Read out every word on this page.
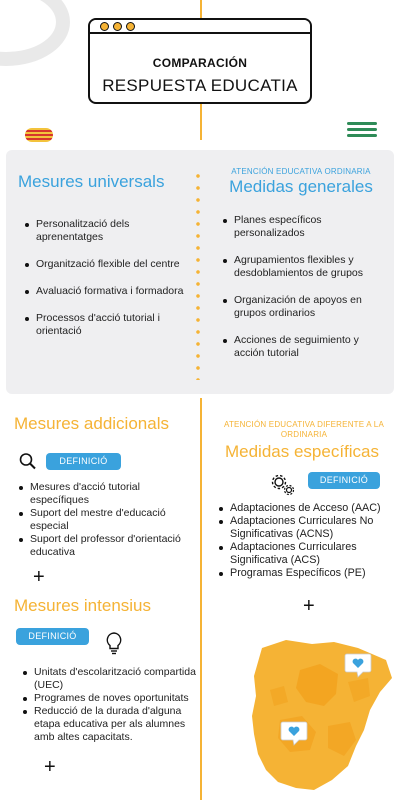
COMPARACIÓN
RESPUESTA EDUCATIA
Mesures universals
Personalització dels aprenentatges
Organització flexible del centre
Avaluació formativa i formadora
Processos d'acció tutorial i orientació
ATENCIÓN EDUCATIVA ORDINARIA
Medidas generales
Planes específicos personalizados
Agrupamientos flexibles y desdoblamientos de grupos
Organización de apoyos en grupos ordinarios
Acciones de seguimiento y acción tutorial
Mesures addicionals
DEFINICIÓ
Mesures d'acció tutorial específiques
Suport del mestre d'educació especial
Suport del professor d'orientació educativa
+
Mesures intensius
DEFINICIÓ
Unitats d'escolarització compartida (UEC)
Programes de noves oportunitats
Reducció de la durada d'alguna etapa educativa per als alumnes amb altes capacitats.
+
ATENCIÓN EDUCATIVA DIFERENTE A LA ORDINARIA
Medidas específicas
DEFINICIÓ
Adaptaciones de Acceso (AAC)
Adaptaciones Curriculares No Significativas (ACNS)
Adaptaciones Curriculares Significativa (ACS)
Programas Específicos (PE)
+
